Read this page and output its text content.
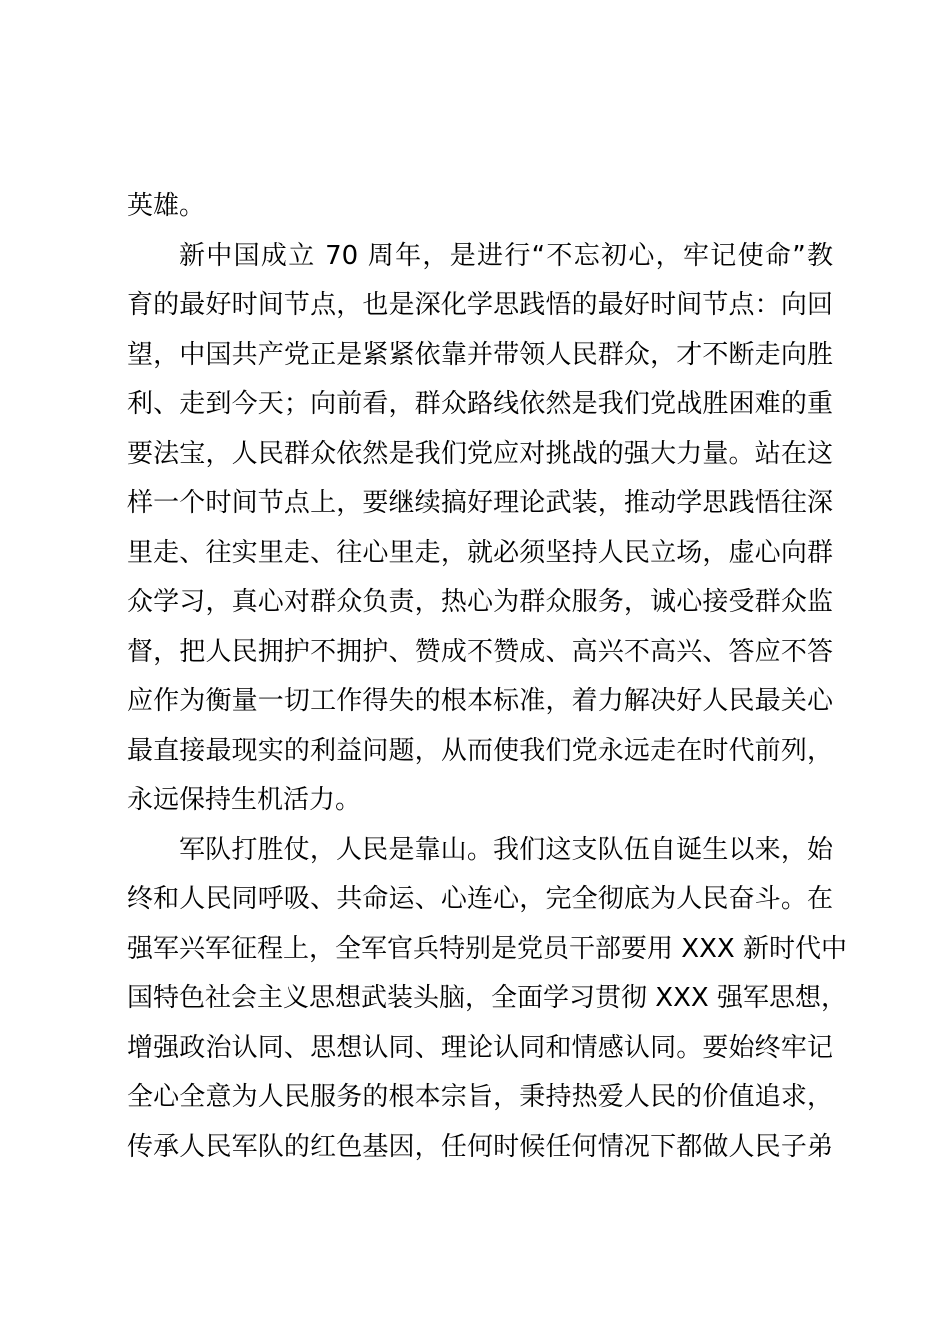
英雄。
新中国成立 70 周年，是进行“不忘初心，牢记使命”教
育的最好时间节点，也是深化学思践悟的最好时间节点：向回
望，中国共产党正是紧紧依靠并带领人民群众，才不断走向胜
利、走到今天；向前看，群众路线依然是我们党战胜困难的重
要法宝，人民群众依然是我们党应对挑战的强大力量。站在这
样一个时间节点上，要继续搞好理论武装，推动学思践悟往深
里走、往实里走、往心里走，就必须坚持人民立场，虚心向群
众学习，真心对群众负责，热心为群众服务，诚心接受群众监
督，把人民拥护不拥护、赞成不赞成、高兴不高兴、答应不答
应作为衡量一切工作得失的根本标准，着力解决好人民最关心
最直接最现实的利益问题，从而使我们党永远走在时代前列，
永远保持生机活力。
军队打胜仗，人民是靠山。我们这支队伍自诞生以来，始
终和人民同呼吸、共命运、心连心，完全彻底为人民奋斗。在
强军兴军征程上，全军官兵特别是党员干部要用 XXX 新时代中
国特色社会主义思想武装头脑，全面学习贯彻 XXX 强军思想，
增强政治认同、思想认同、理论认同和情感认同。要始终牢记
全心全意为人民服务的根本宗旨，秉持热爱人民的价值追求，
传承人民军队的红色基因，任何时候任何情况下都做人民子弟
